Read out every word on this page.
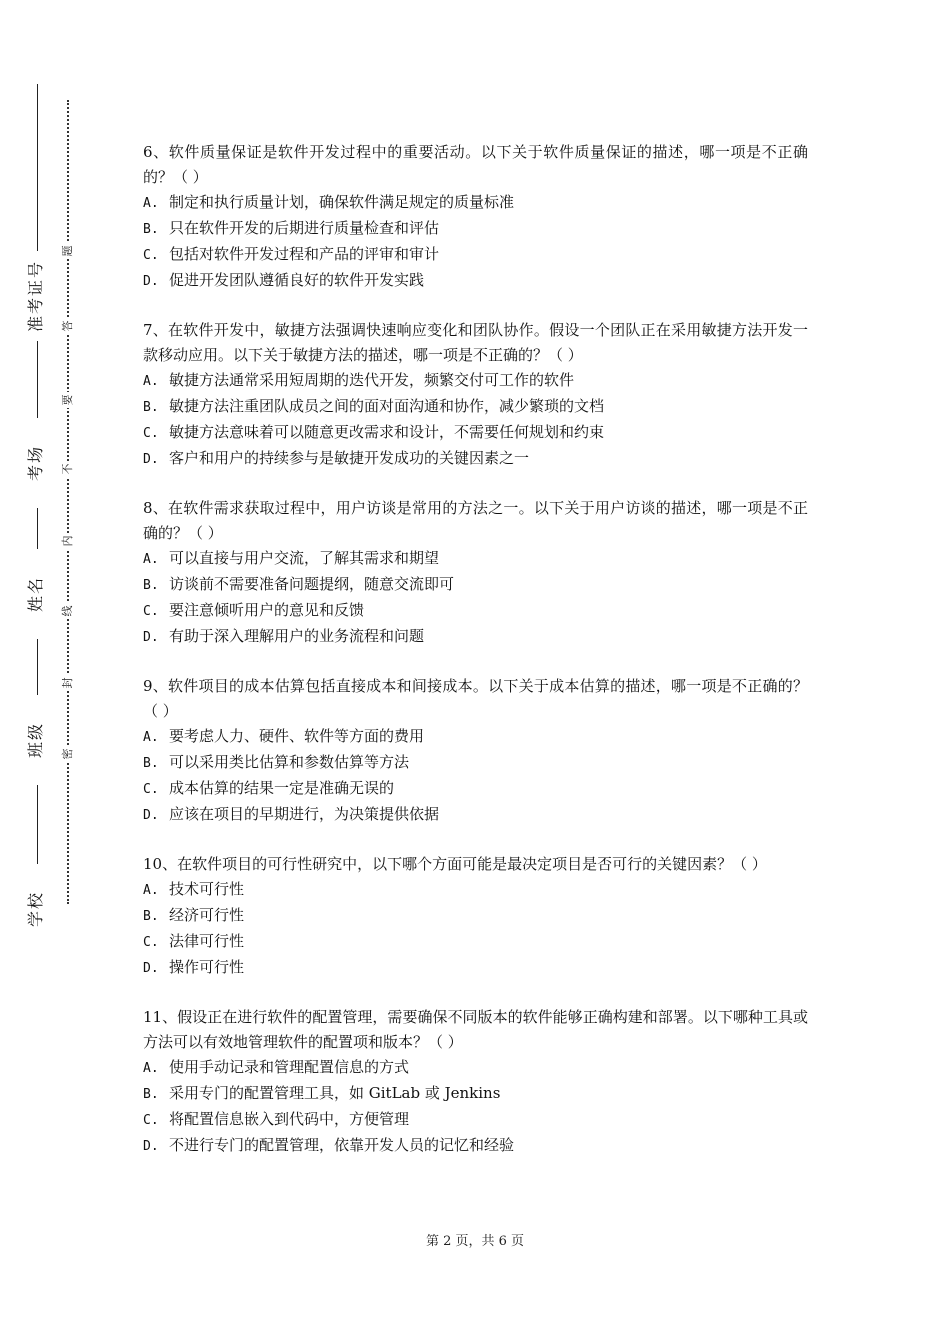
准考证号
考场
姓名
班级
学校
题
答
要
不
内
线
封
密

6、软件质量保证是软件开发过程中的重要活动。以下关于软件质量保证的描述，哪一项是不正确的？（ ）

A. 制定和执行质量计划，确保软件满足规定的质量标准

B. 只在软件开发的后期进行质量检查和评估

C. 包括对软件开发过程和产品的评审和审计

D. 促进开发团队遵循良好的软件开发实践

7、在软件开发中，敏捷方法强调快速响应变化和团队协作。假设一个团队正在采用敏捷方法开发一款移动应用。以下关于敏捷方法的描述，哪一项是不正确的？（ ）

A. 敏捷方法通常采用短周期的迭代开发，频繁交付可工作的软件

B. 敏捷方法注重团队成员之间的面对面沟通和协作，减少繁琐的文档

C. 敏捷方法意味着可以随意更改需求和设计，不需要任何规划和约束

D. 客户和用户的持续参与是敏捷开发成功的关键因素之一

8、在软件需求获取过程中，用户访谈是常用的方法之一。以下关于用户访谈的描述，哪一项是不正确的？（ ）

A. 可以直接与用户交流，了解其需求和期望

B. 访谈前不需要准备问题提纲，随意交流即可

C. 要注意倾听用户的意见和反馈

D. 有助于深入理解用户的业务流程和问题

9、软件项目的成本估算包括直接成本和间接成本。以下关于成本估算的描述，哪一项是不正确的？（ ）

A. 要考虑人力、硬件、软件等方面的费用

B. 可以采用类比估算和参数估算等方法

C. 成本估算的结果一定是准确无误的

D. 应该在项目的早期进行，为决策提供依据

10、在软件项目的可行性研究中，以下哪个方面可能是最决定项目是否可行的关键因素？（ ）

A. 技术可行性

B. 经济可行性

C. 法律可行性

D. 操作可行性

11、假设正在进行软件的配置管理，需要确保不同版本的软件能够正确构建和部署。以下哪种工具或方法可以有效地管理软件的配置项和版本？（ ）

A. 使用手动记录和管理配置信息的方式

B. 采用专门的配置管理工具，如 GitLab 或 Jenkins

C. 将配置信息嵌入到代码中，方便管理

D. 不进行专门的配置管理，依靠开发人员的记忆和经验

第 2 页，共 6 页
